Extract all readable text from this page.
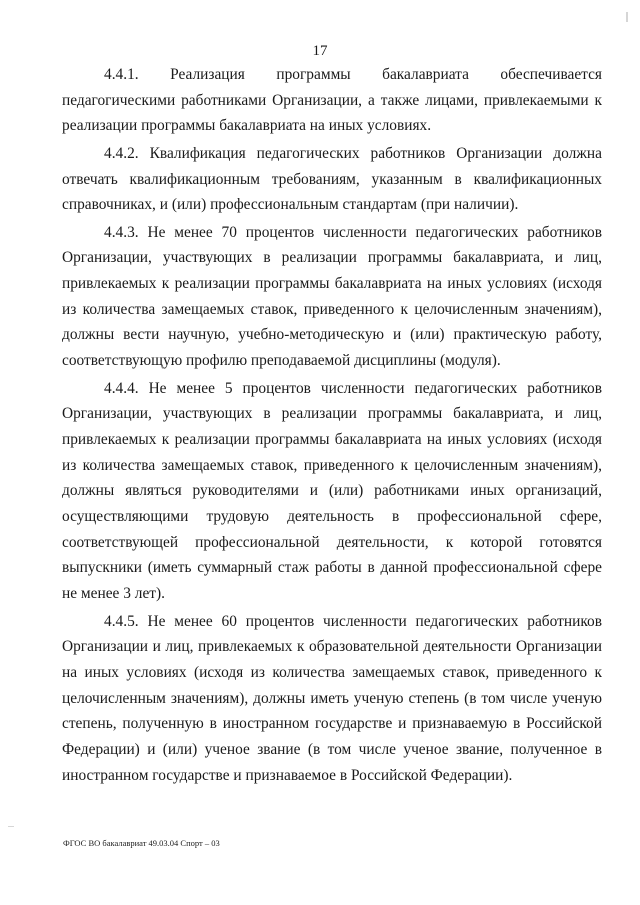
17

4.4.1. Реализация программы бакалавриата обеспечивается педагогическими работниками Организации, а также лицами, привлекаемыми к реализации программы бакалавриата на иных условиях.

4.4.2. Квалификация педагогических работников Организации должна отвечать квалификационным требованиям, указанным в квалификационных справочниках, и (или) профессиональным стандартам (при наличии).

4.4.3. Не менее 70 процентов численности педагогических работников Организации, участвующих в реализации программы бакалавриата, и лиц, привлекаемых к реализации программы бакалавриата на иных условиях (исходя из количества замещаемых ставок, приведенного к целочисленным значениям), должны вести научную, учебно-методическую и (или) практическую работу, соответствующую профилю преподаваемой дисциплины (модуля).

4.4.4. Не менее 5 процентов численности педагогических работников Организации, участвующих в реализации программы бакалавриата, и лиц, привлекаемых к реализации программы бакалавриата на иных условиях (исходя из количества замещаемых ставок, приведенного к целочисленным значениям), должны являться руководителями и (или) работниками иных организаций, осуществляющими трудовую деятельность в профессиональной сфере, соответствующей профессиональной деятельности, к которой готовятся выпускники (иметь суммарный стаж работы в данной профессиональной сфере не менее 3 лет).

4.4.5. Не менее 60 процентов численности педагогических работников Организации и лиц, привлекаемых к образовательной деятельности Организации на иных условиях (исходя из количества замещаемых ставок, приведенного к целочисленным значениям), должны иметь ученую степень (в том числе ученую степень, полученную в иностранном государстве и признаваемую в Российской Федерации) и (или) ученое звание (в том числе ученое звание, полученное в иностранном государстве и признаваемое в Российской Федерации).

ФГОС ВО бакалавриат 49.03.04 Спорт – 03
